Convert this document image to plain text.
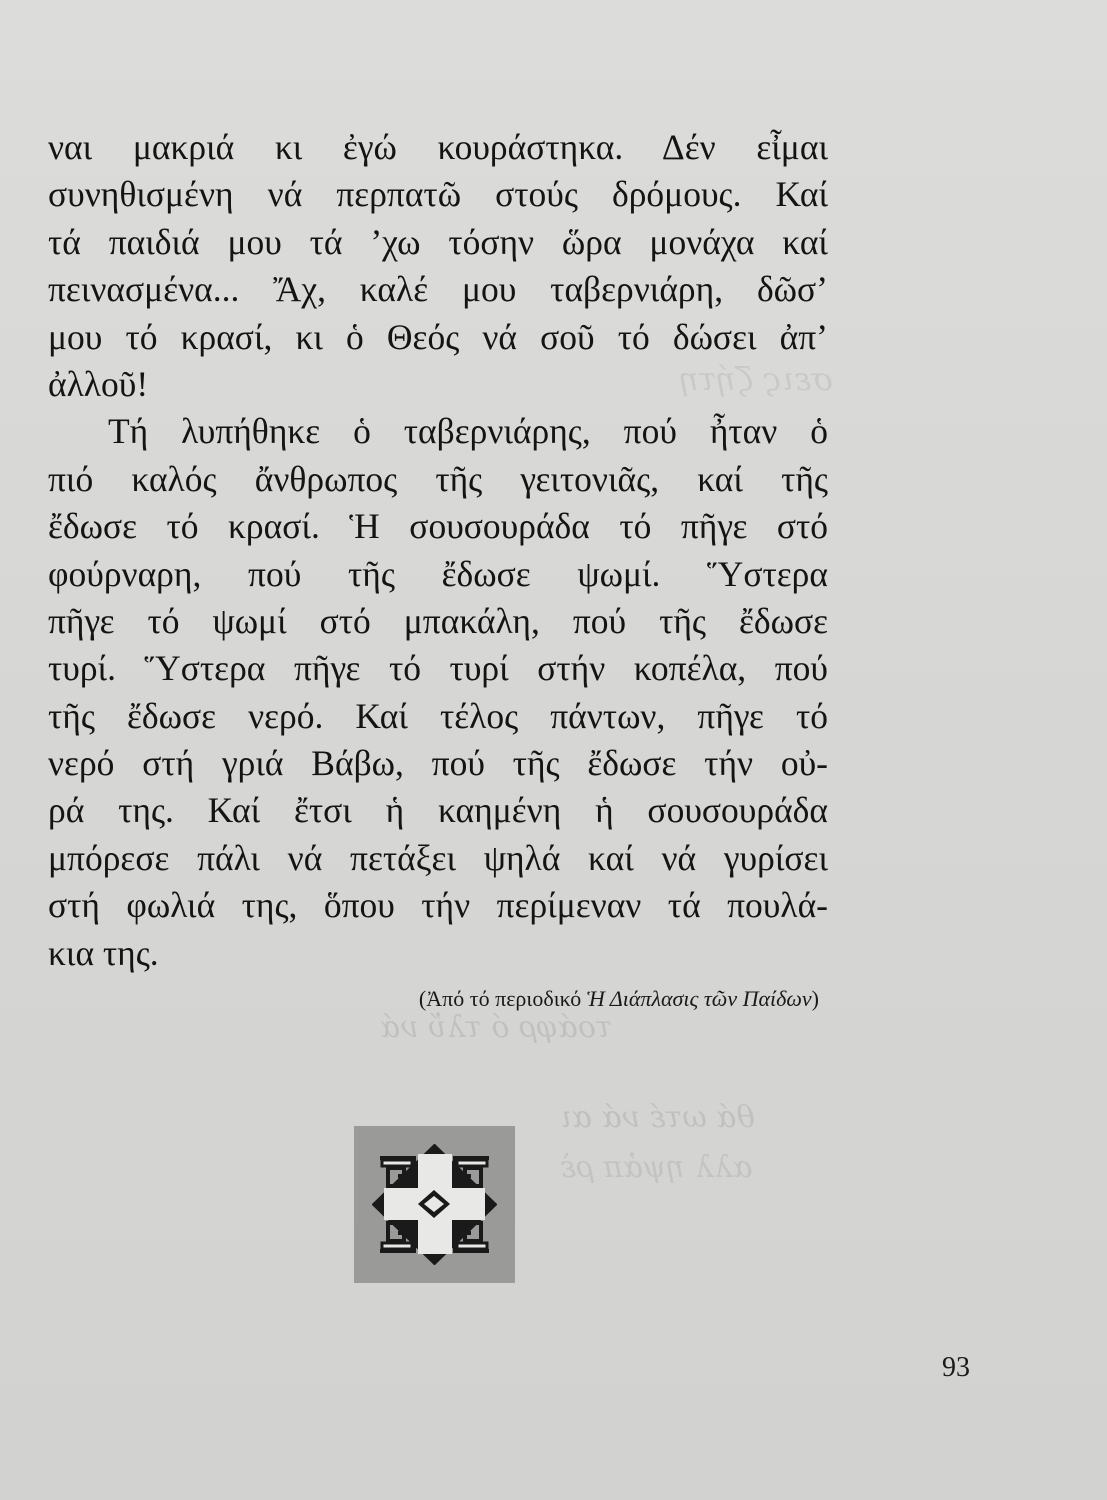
σεις ζήτη
τοάφρ ό τλὔ νά
θά ωτέ νά αι
αλλ ηψἀπ ρὲ
ναι μακριά κι ἐγώ κουράστηκα. Δέν εἶμαι
συνηθισμένη νά περπατῶ στούς δρόμους. Καί
τά παιδιά μου τά ’χω τόσην ὥρα μονάχα καί
πεινασμένα... Ἄχ, καλέ μου ταβερνιάρη, δῶσ’
μου τό κρασί, κι ὁ Θεός νά σοῦ τό δώσει ἀπ’
ἀλλοῦ!
Τή λυπήθηκε ὁ ταβερνιάρης, πού ἦταν ὁ
πιό καλός ἄνθρωπος τῆς γειτονιᾶς, καί τῆς
ἔδωσε τό κρασί. Ἡ σουσουράδα τό πῆγε στό
φούρναρη, πού τῆς ἔδωσε ψωμί. Ὕστερα
πῆγε τό ψωμί στό μπακάλη, πού τῆς ἔδωσε
τυρί. Ὕστερα πῆγε τό τυρί στήν κοπέλα, πού
τῆς ἔδωσε νερό. Καί τέλος πάντων, πῆγε τό
νερό στή γριά Βάβω, πού τῆς ἔδωσε τήν οὐ-
ρά της. Καί ἔτσι ἡ καημένη ἡ σουσουράδα
μπόρεσε πάλι νά πετάξει ψηλά καί νά γυρίσει
στή φωλιά της, ὅπου τήν περίμεναν τά πουλά-
κια της.
(Ἀπό τό περιοδικό Ἡ Διάπλασις τῶν Παίδων)
93
